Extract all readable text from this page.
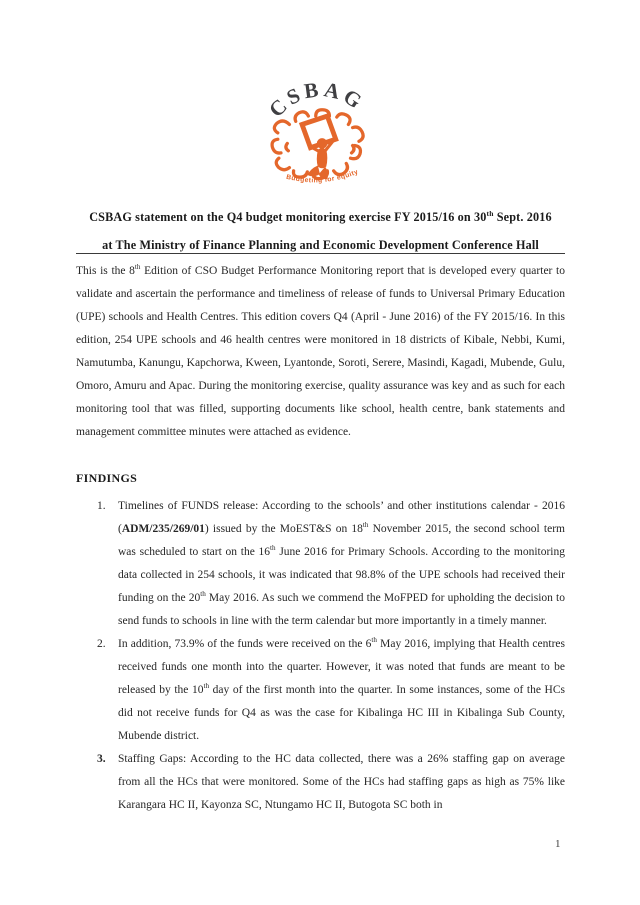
CSBAG
Budgeting for equity
CSBAG statement on the Q4 budget monitoring exercise FY 2015/16 on 30th Sept. 2016
at The Ministry of Finance Planning and Economic Development Conference Hall

This is the 8th Edition of CSO Budget Performance Monitoring report that is developed every quarter to validate and ascertain the performance and timeliness of release of funds to Universal Primary Education (UPE) schools and Health Centres. This edition covers Q4 (April - June 2016) of the FY 2015/16. In this edition, 254 UPE schools and 46 health centres were monitored in 18 districts of Kibale, Nebbi, Kumi, Namutumba, Kanungu, Kapchorwa, Kween, Lyantonde, Soroti, Serere, Masindi, Kagadi, Mubende, Gulu, Omoro, Amuru and Apac. During the monitoring exercise, quality assurance was key and as such for each monitoring tool that was filled, supporting documents like school, health centre, bank statements and management committee minutes were attached as evidence.

FINDINGS
1.	Timelines of FUNDS release: According to the schools’ and other institutions calendar - 2016 (ADM/235/269/01) issued by the MoEST&S on 18th November 2015, the second school term was scheduled to start on the 16th June 2016 for Primary Schools. According to the monitoring data collected in 254 schools, it was indicated that 98.8% of the UPE schools had received their funding on the 20th May 2016. As such we commend the MoFPED for upholding the decision to send funds to schools in line with the term calendar but more importantly in a timely manner.
2.	In addition, 73.9% of the funds were received on the 6th May 2016, implying that Health centres received funds one month into the quarter. However, it was noted that funds are meant to be released by the 10th day of the first month into the quarter. In some instances, some of the HCs did not receive funds for Q4 as was the case for Kibalinga HC III in Kibalinga Sub County, Mubende district.
3.	Staffing Gaps: According to the HC data collected, there was a 26% staffing gap on average from all the HCs that were monitored. Some of the HCs had staffing gaps as high as 75% like Karangara HC II, Kayonza SC, Ntungamo HC II, Butogota SC both in
1
